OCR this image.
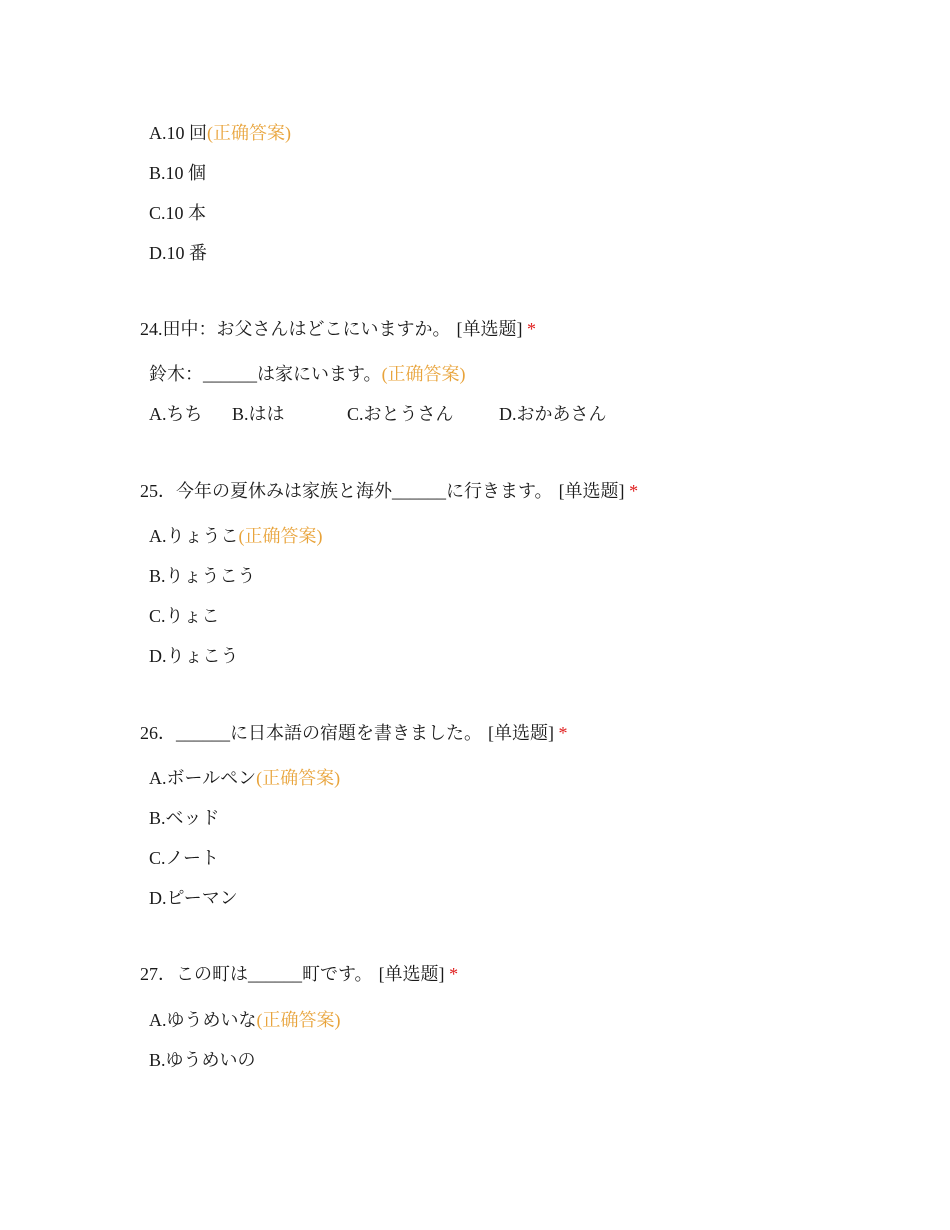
A.10 回(正确答案)
B.10 個
C.10 本
D.10 番
24.田中：お父さんはどこにいますか。 [单选题] *
鈴木：______は家にいます。(正确答案)
A.ちち B.はは	C.おとうさん	D.おかあさん
25．今年の夏休みは家族と海外______に行きます。 [单选题] *
A.りょうこ(正确答案)
B.りょうこう
C.りょこ
D.りょこう
26．______に日本語の宿題を書きました。 [单选题] *
A.ボールペン(正确答案)
B.ベッド
C.ノート
D.ピーマン
27．この町は______町です。 [单选题] *
A.ゆうめいな(正确答案)
B.ゆうめいの
